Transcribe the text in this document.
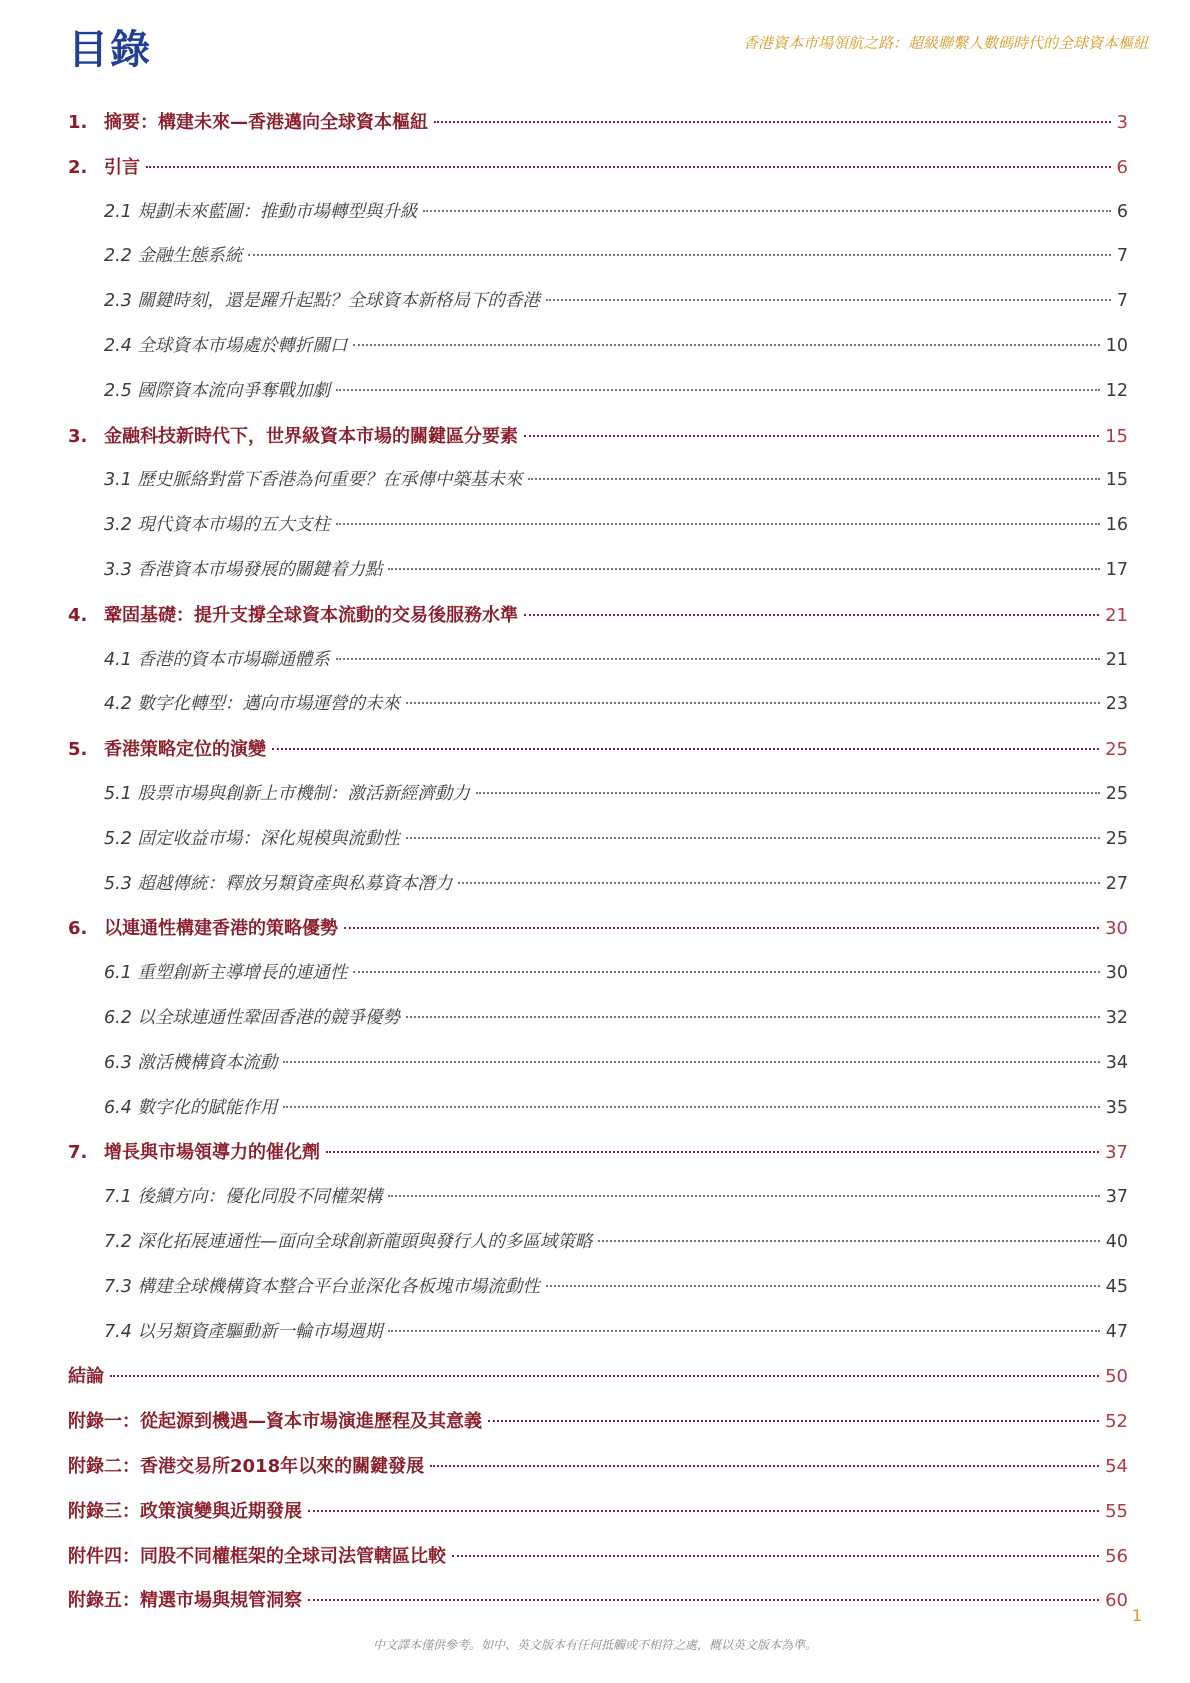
目錄	香港資本市場領航之路：超級聯繫人數碼時代的全球資本樞紐
1. 摘要：構建未來—香港邁向全球資本樞紐	3
2. 引言	6
2.1 規劃未來藍圖：推動市場轉型與升級	6
2.2 金融生態系統	7
2.3 關鍵時刻，還是躍升起點？全球資本新格局下的香港	7
2.4 全球資本市場處於轉折關口	10
2.5 國際資本流向爭奪戰加劇	12
3. 金融科技新時代下，世界級資本市場的關鍵區分要素	15
3.1 歷史脈絡對當下香港為何重要？在承傳中築基未來	15
3.2 現代資本市場的五大支柱	16
3.3 香港資本市場發展的關鍵着力點	17
4. 鞏固基礎：提升支撐全球資本流動的交易後服務水準	21
4.1 香港的資本市場聯通體系	21
4.2 數字化轉型：邁向市場運營的未來	23
5. 香港策略定位的演變	25
5.1 股票市場與創新上市機制：激活新經濟動力	25
5.2 固定收益市場：深化規模與流動性	25
5.3 超越傳統：釋放另類資產與私募資本潛力	27
6. 以連通性構建香港的策略優勢	30
6.1 重塑創新主導增長的連通性	30
6.2 以全球連通性鞏固香港的競爭優勢	32
6.3 激活機構資本流動	34
6.4 數字化的賦能作用	35
7. 增長與市場領導力的催化劑	37
7.1 後續方向：優化同股不同權架構	37
7.2 深化拓展連通性—面向全球創新龍頭與發行人的多區域策略	40
7.3 構建全球機構資本整合平台並深化各板塊市場流動性	45
7.4 以另類資產驅動新一輪市場週期	47
結論	50
附錄一：從起源到機遇—資本市場演進歷程及其意義	52
附錄二：香港交易所2018年以來的關鍵發展	54
附錄三：政策演變與近期發展	55
附件四：同股不同權框架的全球司法管轄區比較	56
附錄五：精選市場與規管洞察	60
1
中文譯本僅供參考。如中、英文版本有任何抵觸或不相符之處，概以英文版本為準。
